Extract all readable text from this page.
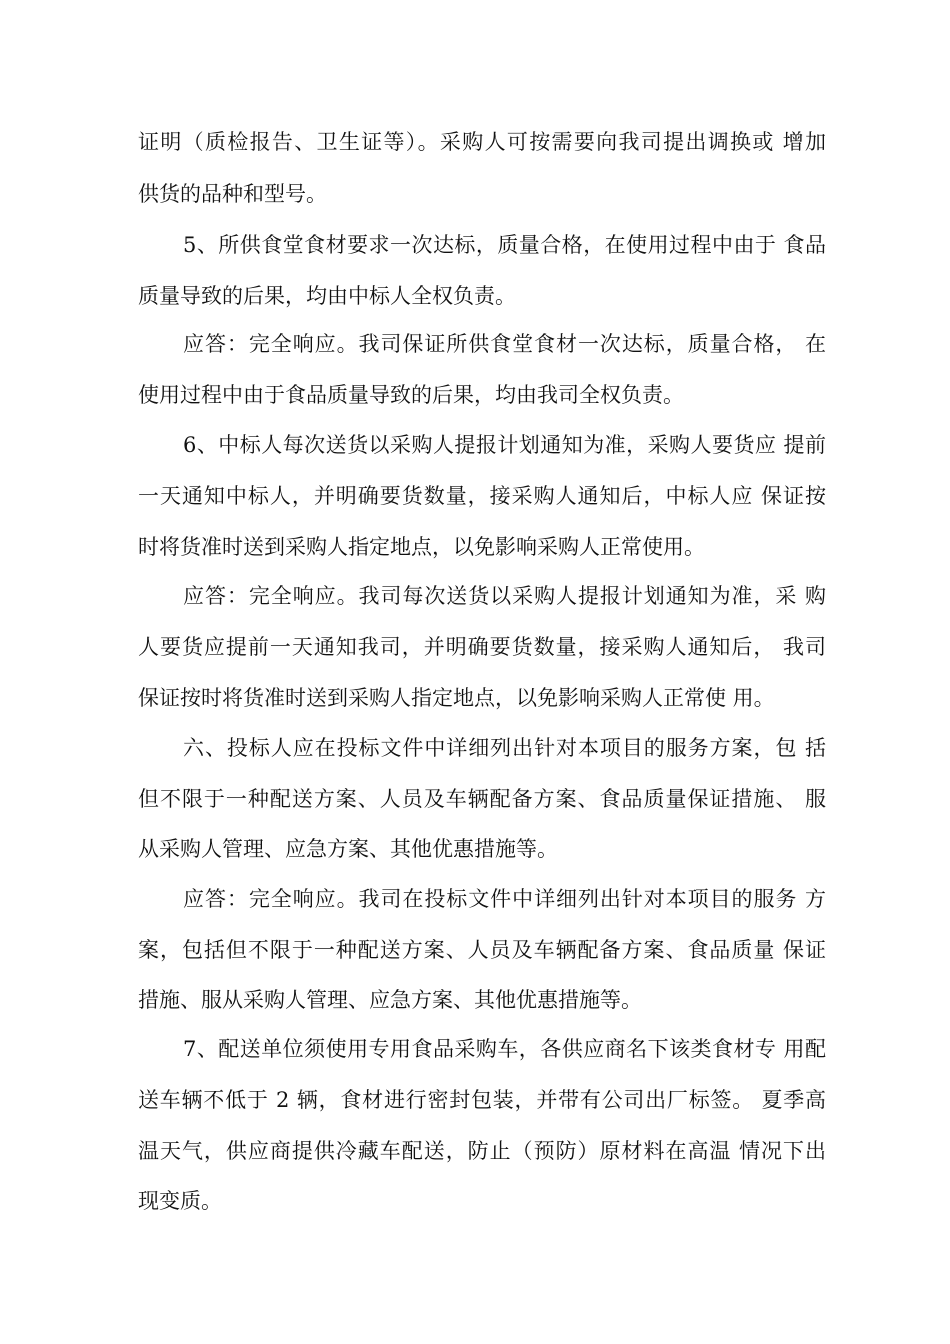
证明（质检报告、卫生证等）。采购人可按需要向我司提出调换或 增加
供货的品种和型号。
5、所供食堂食材要求一次达标，质量合格，在使用过程中由于 食品
质量导致的后果，均由中标人全权负责。
应答：完全响应。我司保证所供食堂食材一次达标，质量合格， 在
使用过程中由于食品质量导致的后果，均由我司全权负责。
6、中标人每次送货以采购人提报计划通知为准，采购人要货应 提前
一天通知中标人，并明确要货数量，接采购人通知后，中标人应 保证按
时将货准时送到采购人指定地点，以免影响采购人正常使用。
应答：完全响应。我司每次送货以采购人提报计划通知为准，采 购
人要货应提前一天通知我司，并明确要货数量，接采购人通知后， 我司
保证按时将货准时送到采购人指定地点，以免影响采购人正常使 用。
六、投标人应在投标文件中详细列出针对本项目的服务方案，包 括
但不限于一种配送方案、人员及车辆配备方案、食品质量保证措施、 服
从采购人管理、应急方案、其他优惠措施等。
应答：完全响应。我司在投标文件中详细列出针对本项目的服务 方
案，包括但不限于一种配送方案、人员及车辆配备方案、食品质量 保证
措施、服从采购人管理、应急方案、其他优惠措施等。
7、配送单位须使用专用食品采购车，各供应商名下该类食材专 用配
送车辆不低于 2 辆，食材进行密封包装，并带有公司出厂标签。 夏季高
温天气，供应商提供冷藏车配送，防止（预防）原材料在高温 情况下出
现变质。
